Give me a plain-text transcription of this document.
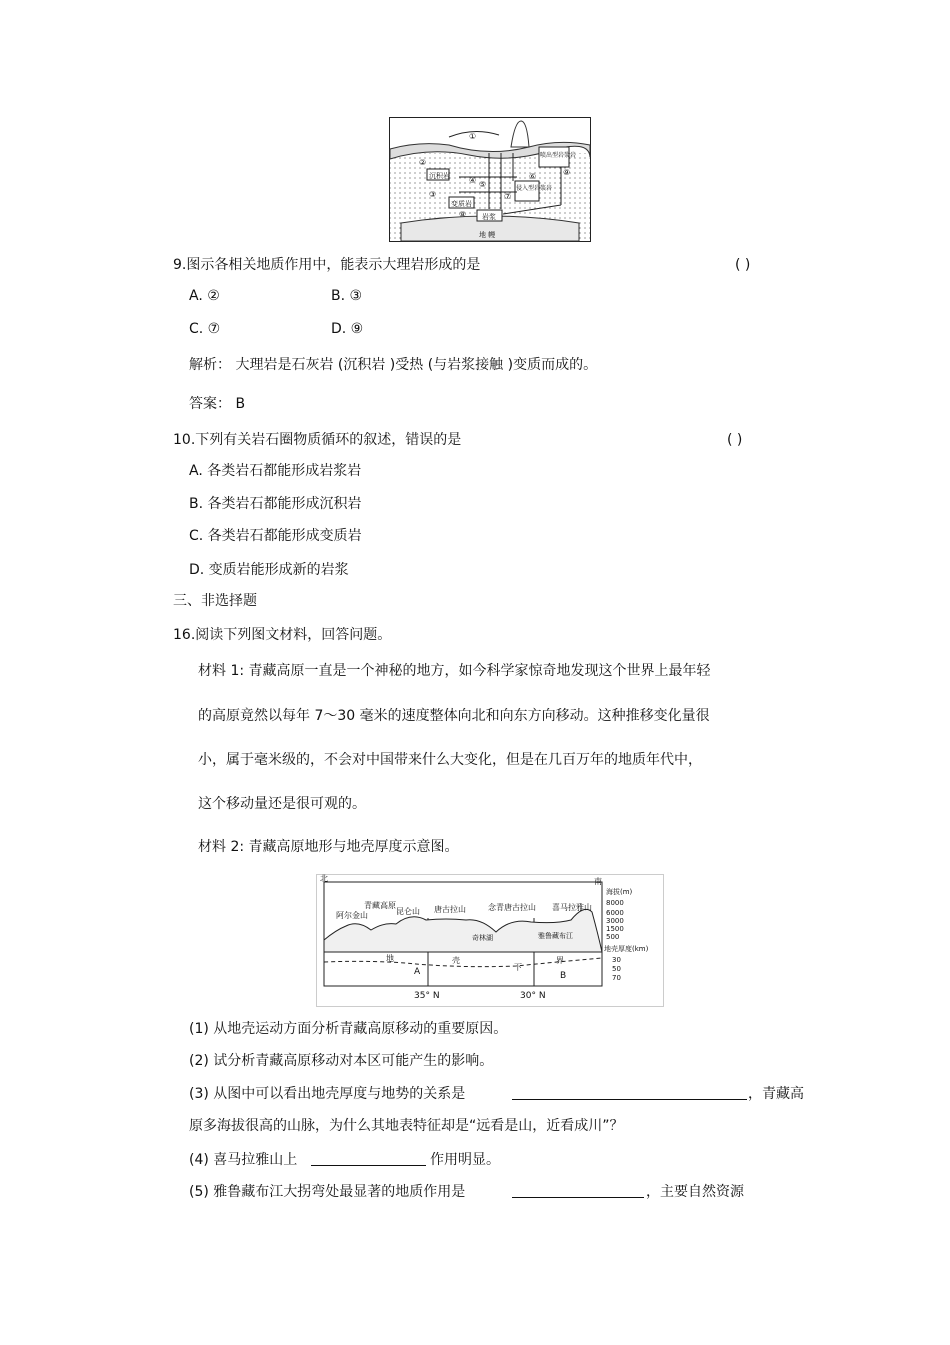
沉积岩
变质岩
岩浆
侵入型岩浆岩
喷出型岩浆岩
地 幔
①
②
③
④ ⑤
⑥
⑦
⑧
⑨
9.图示各相关地质作用中，能表示大理岩形成的是	( )
A. ②	B. ③
C. ⑦	D. ⑨
解析： 大理岩是石灰岩 (沉积岩 )受热 (与岩浆接触 )变质而成的。
答案： B
10.下列有关岩石圈物质循环的叙述，错误的是	( )
A. 各类岩石都能形成岩浆岩
B. 各类岩石都能形成沉积岩
C. 各类岩石都能形成变质岩
D. 变质岩能形成新的岩浆
三、非选择题
16.阅读下列图文材料，回答问题。
材料 1: 青藏高原一直是一个神秘的地方，如今科学家惊奇地发现这个世界上最年轻
的高原竟然以每年 7～30 毫米的速度整体向北和向东方向移动。这种推移变化量很
小，属于毫米级的，不会对中国带来什么大变化，但是在几百万年的地质年代中，
这个移动量还是很可观的。
材料 2: 青藏高原地形与地壳厚度示意图。
北	南
青藏高原
阿尔金山	昆仑山 唐古拉山	念青唐古拉山 喜马拉雅山
奇林湖	雅鲁藏布江
海拔(m)
8000
6000
3000
1500
500
地壳厚度(km)
30
50
70
地	壳
下
界
A	B
35° N	30° N
(1) 从地壳运动方面分析青藏高原移动的重要原因。
(2) 试分析青藏高原移动对本区可能产生的影响。
(3) 从图中可以看出地壳厚度与地势的关系是	，青藏高
原多海拔很高的山脉，为什么其地表特征却是“远看是山，近看成川”？
(4) 喜马拉雅山上	作用明显。
(5) 雅鲁藏布江大拐弯处最显著的地质作用是	，主要自然资源
